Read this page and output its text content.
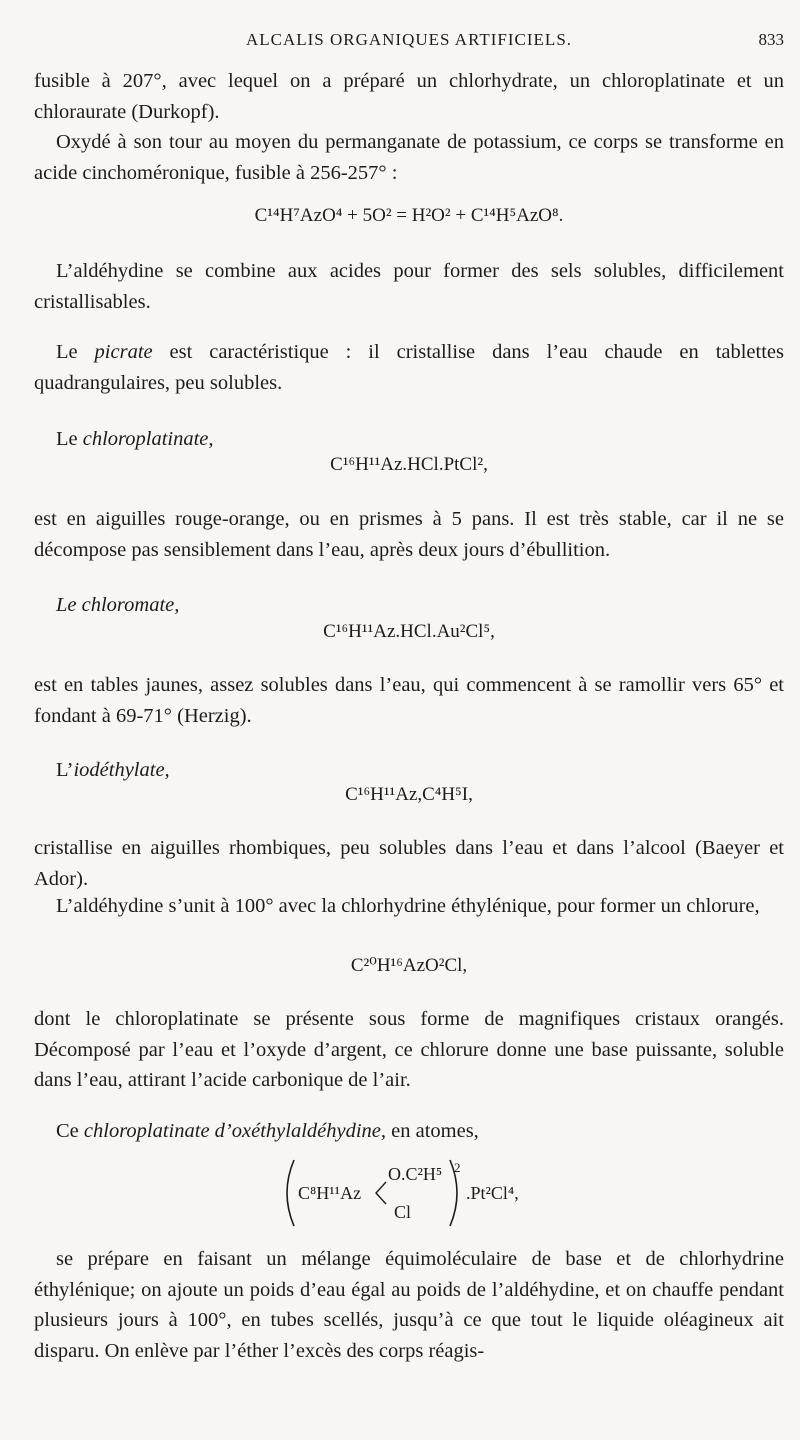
ALCALIS ORGANIQUES ARTIFICIELS.	833
fusible à 207°, avec lequel on a préparé un chlorhydrate, un chloroplatinate et un chloraurate (Durkopf).
Oxydé à son tour au moyen du permanganate de potassium, ce corps se transforme en acide cinchoméronique, fusible à 256-257° :
C¹⁴H⁷AzO⁴ + 5O² = H²O² + C¹⁴H⁵AzO⁸.
L’aldéhydine se combine aux acides pour former des sels solubles, difficilement cristallisables.
Le picrate est caractéristique : il cristallise dans l’eau chaude en tablettes quadrangulaires, peu solubles.
Le chloroplatinate,
C¹⁶H¹¹Az.HCl.PtCl²,
est en aiguilles rouge-orange, ou en prismes à 5 pans. Il est très stable, car il ne se décompose pas sensiblement dans l’eau, après deux jours d’ébullition.
Le chloromate,
C¹⁶H¹¹Az.HCl.Au²Cl⁵,
est en tables jaunes, assez solubles dans l’eau, qui commencent à se ramollir vers 65° et fondant à 69-71° (Herzig).
L’iodéthylate,
C¹⁶H¹¹Az,C⁴H⁵I,
cristallise en aiguilles rhombiques, peu solubles dans l’eau et dans l’alcool (Baeyer et Ador).
L’aldéhydine s’unit à 100° avec la chlorhydrine éthylénique, pour former un chlorure,
C²⁰H¹⁶AzO²Cl,
dont le chloroplatinate se présente sous forme de magnifiques cristaux orangés. Décomposé par l’eau et l’oxyde d’argent, ce chlorure donne une base puissante, soluble dans l’eau, attirant l’acide carbonique de l’air.
Ce chloroplatinate d’oxéthylaldéhydine, en atomes,
C⁸H¹¹Az
O.C²H⁵
Cl
2
.Pt²Cl⁴,
se prépare en faisant un mélange équimoléculaire de base et de chlorhydrine éthylénique; on ajoute un poids d’eau égal au poids de l’aldéhydine, et on chauffe pendant plusieurs jours à 100°, en tubes scellés, jusqu’à ce que tout le liquide oléagineux ait disparu. On enlève par l’éther l’excès des corps réagis-
